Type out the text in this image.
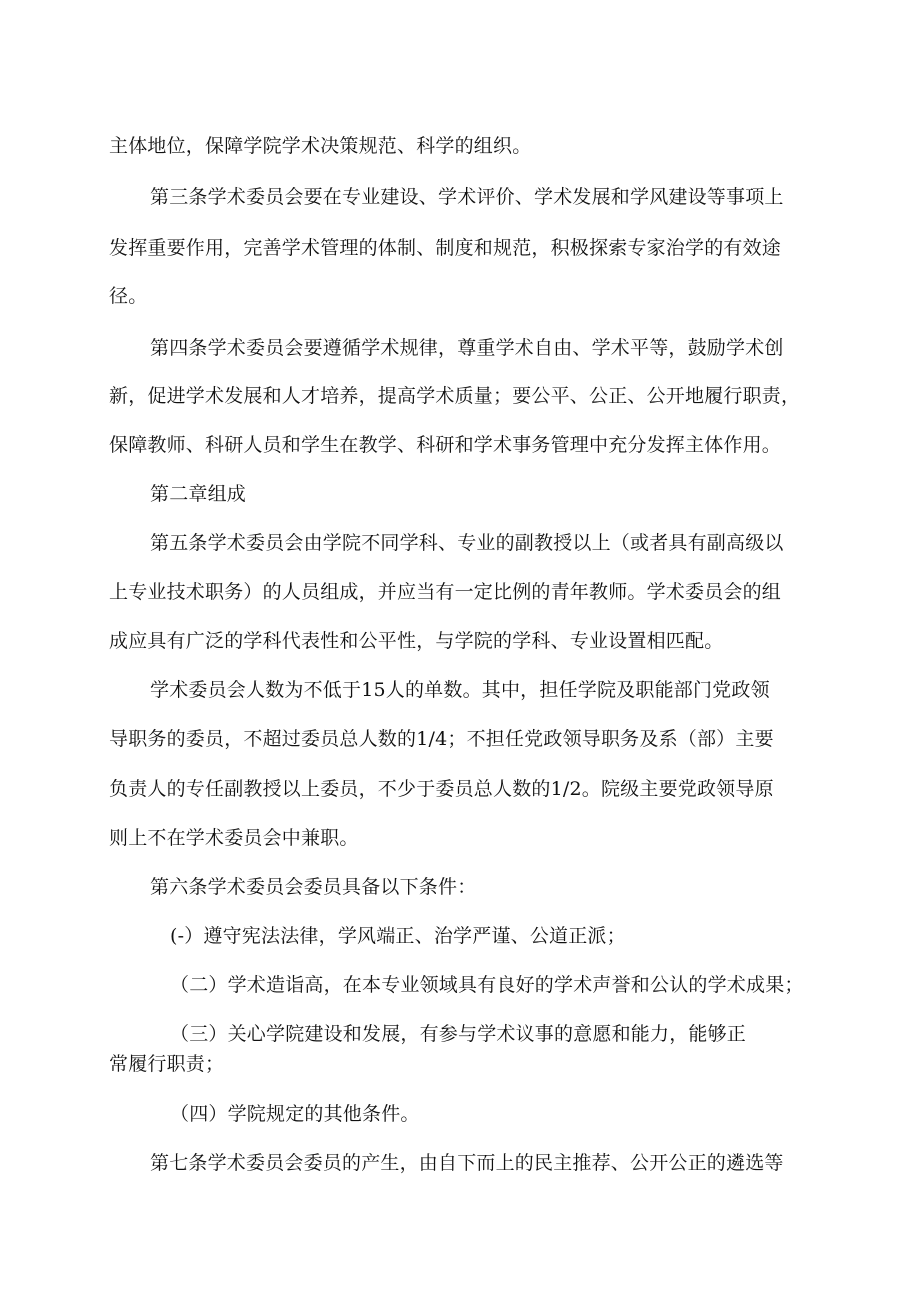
主体地位，保障学院学术决策规范、科学的组织。
第三条学术委员会要在专业建设、学术评价、学术发展和学风建设等事项上
发挥重要作用，完善学术管理的体制、制度和规范，积极探索专家治学的有效途
径。
第四条学术委员会要遵循学术规律，尊重学术自由、学术平等，鼓励学术创
新，促进学术发展和人才培养，提高学术质量；要公平、公正、公开地履行职责，
保障教师、科研人员和学生在教学、科研和学术事务管理中充分发挥主体作用。
第二章组成
第五条学术委员会由学院不同学科、专业的副教授以上（或者具有副高级以
上专业技术职务）的人员组成，并应当有一定比例的青年教师。学术委员会的组
成应具有广泛的学科代表性和公平性，与学院的学科、专业设置相匹配。
学术委员会人数为不低于15人的单数。其中，担任学院及职能部门党政领
导职务的委员，不超过委员总人数的1/4；不担任党政领导职务及系（部）主要
负责人的专任副教授以上委员，不少于委员总人数的1/2。院级主要党政领导原
则上不在学术委员会中兼职。
第六条学术委员会委员具备以下条件：
(-）遵守宪法法律，学风端正、治学严谨、公道正派；
（二）学术造诣高，在本专业领域具有良好的学术声誉和公认的学术成果；
（三）关心学院建设和发展，有参与学术议事的意愿和能力，能够正
常履行职责；
（四）学院规定的其他条件。
第七条学术委员会委员的产生，由自下而上的民主推荐、公开公正的遴选等
